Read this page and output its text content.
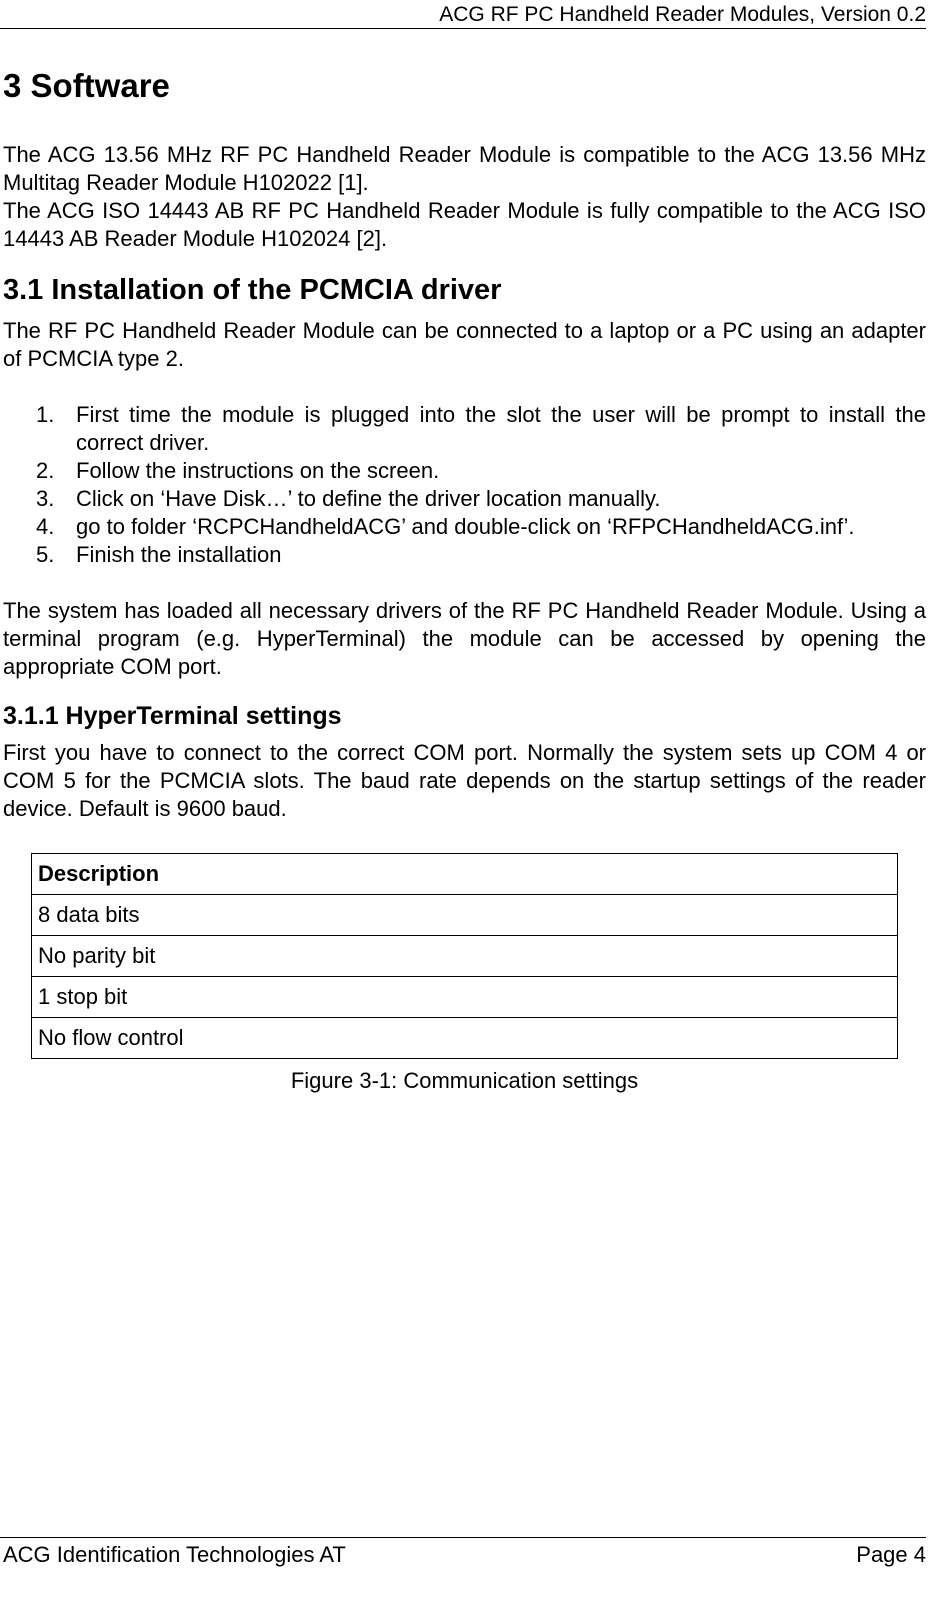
ACG RF PC Handheld Reader Modules, Version 0.2
3 Software

The ACG 13.56 MHz RF PC Handheld Reader Module is compatible to the ACG 13.56 MHz Multitag Reader Module H102022 [1].

The ACG ISO 14443 AB RF PC Handheld Reader Module is fully compatible to the ACG ISO 14443 AB Reader Module H102024 [2].

3.1 Installation of the PCMCIA driver

The RF PC Handheld Reader Module can be connected to a laptop or a PC using an adapter of PCMCIA type 2.

1. First time the module is plugged into the slot the user will be prompt to install the correct driver.
2. Follow the instructions on the screen.
3. Click on ‘Have Disk…’ to define the driver location manually.
4. go to folder ‘RCPCHandheldACG’ and double-click on ‘RFPCHandheldACG.inf’.
5. Finish the installation

The system has loaded all necessary drivers of the RF PC Handheld Reader Module. Using a terminal program (e.g. HyperTerminal) the module can be accessed by opening the appropriate COM port.

3.1.1 HyperTerminal settings

First you have to connect to the correct COM port. Normally the system sets up COM 4 or COM 5 for the PCMCIA slots. The baud rate depends on the startup settings of the reader device. Default is 9600 baud.

Description
8 data bits
No parity bit
1 stop bit
No flow control

Figure 3-1: Communication settings

ACG Identification Technologies AT	Page 4
